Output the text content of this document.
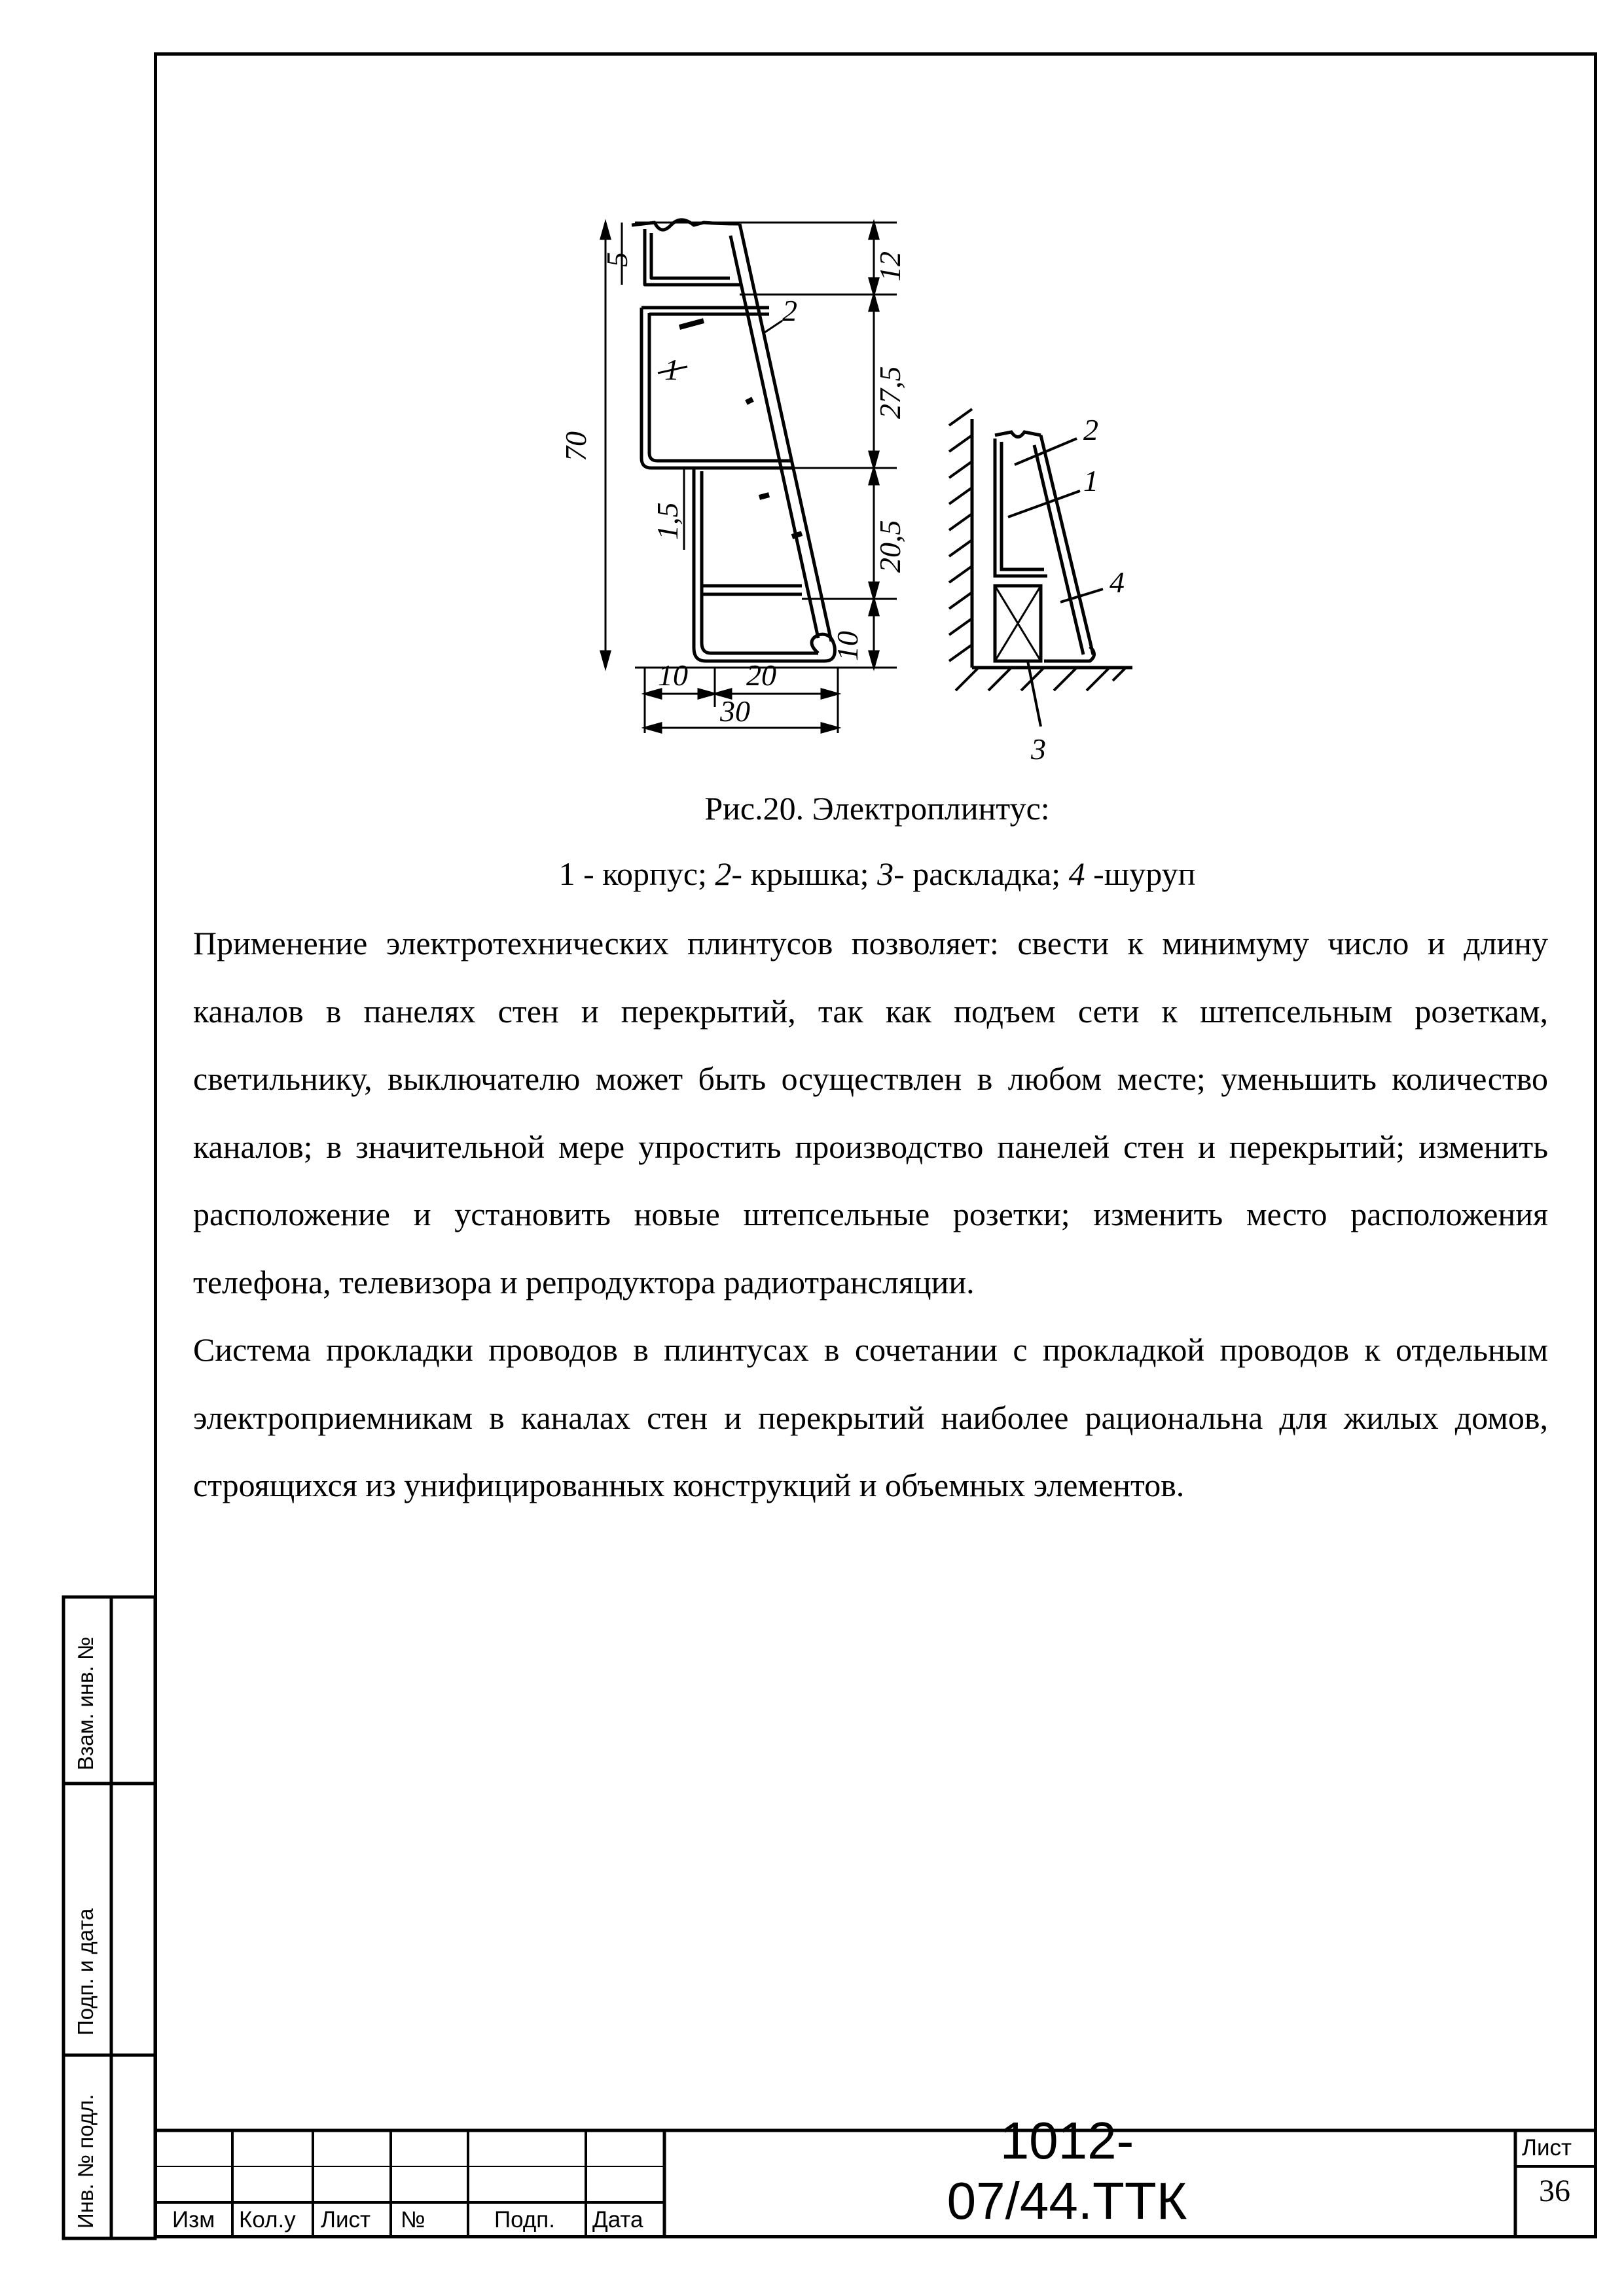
5	12
70
27,5
20,5
1,5
10
10 20
30
1
2
2
1
4
3
Рис.20. Электроплинтус:
1 - корпус; 2- крышка; 3- раскладка; 4 -шуруп

Применение электротехнических плинтусов позволяет: свести к минимуму число и длину каналов в панелях стен и перекрытий, так как подъем сети к штепсельным розеткам, светильнику, выключателю может быть осуществлен в любом месте; уменьшить количество каналов; в значительной мере упростить производство панелей стен и перекрытий; изменить расположение и установить новые штепсельные розетки; изменить место расположения телефона, телевизора и репродуктора радиотрансляции.

Система прокладки проводов в плинтусах в сочетании с прокладкой проводов к отдельным электроприемникам в каналах стен и перекрытий наиболее рациональна для жилых домов, строящихся из унифицированных конструкций и объемных элементов.

Инв. № подл.
Подп. и дата
Взам. инв. №
Изм Кол.у Лист №	Подп. Дата
1012-07/44.ТТК
Лист
36
